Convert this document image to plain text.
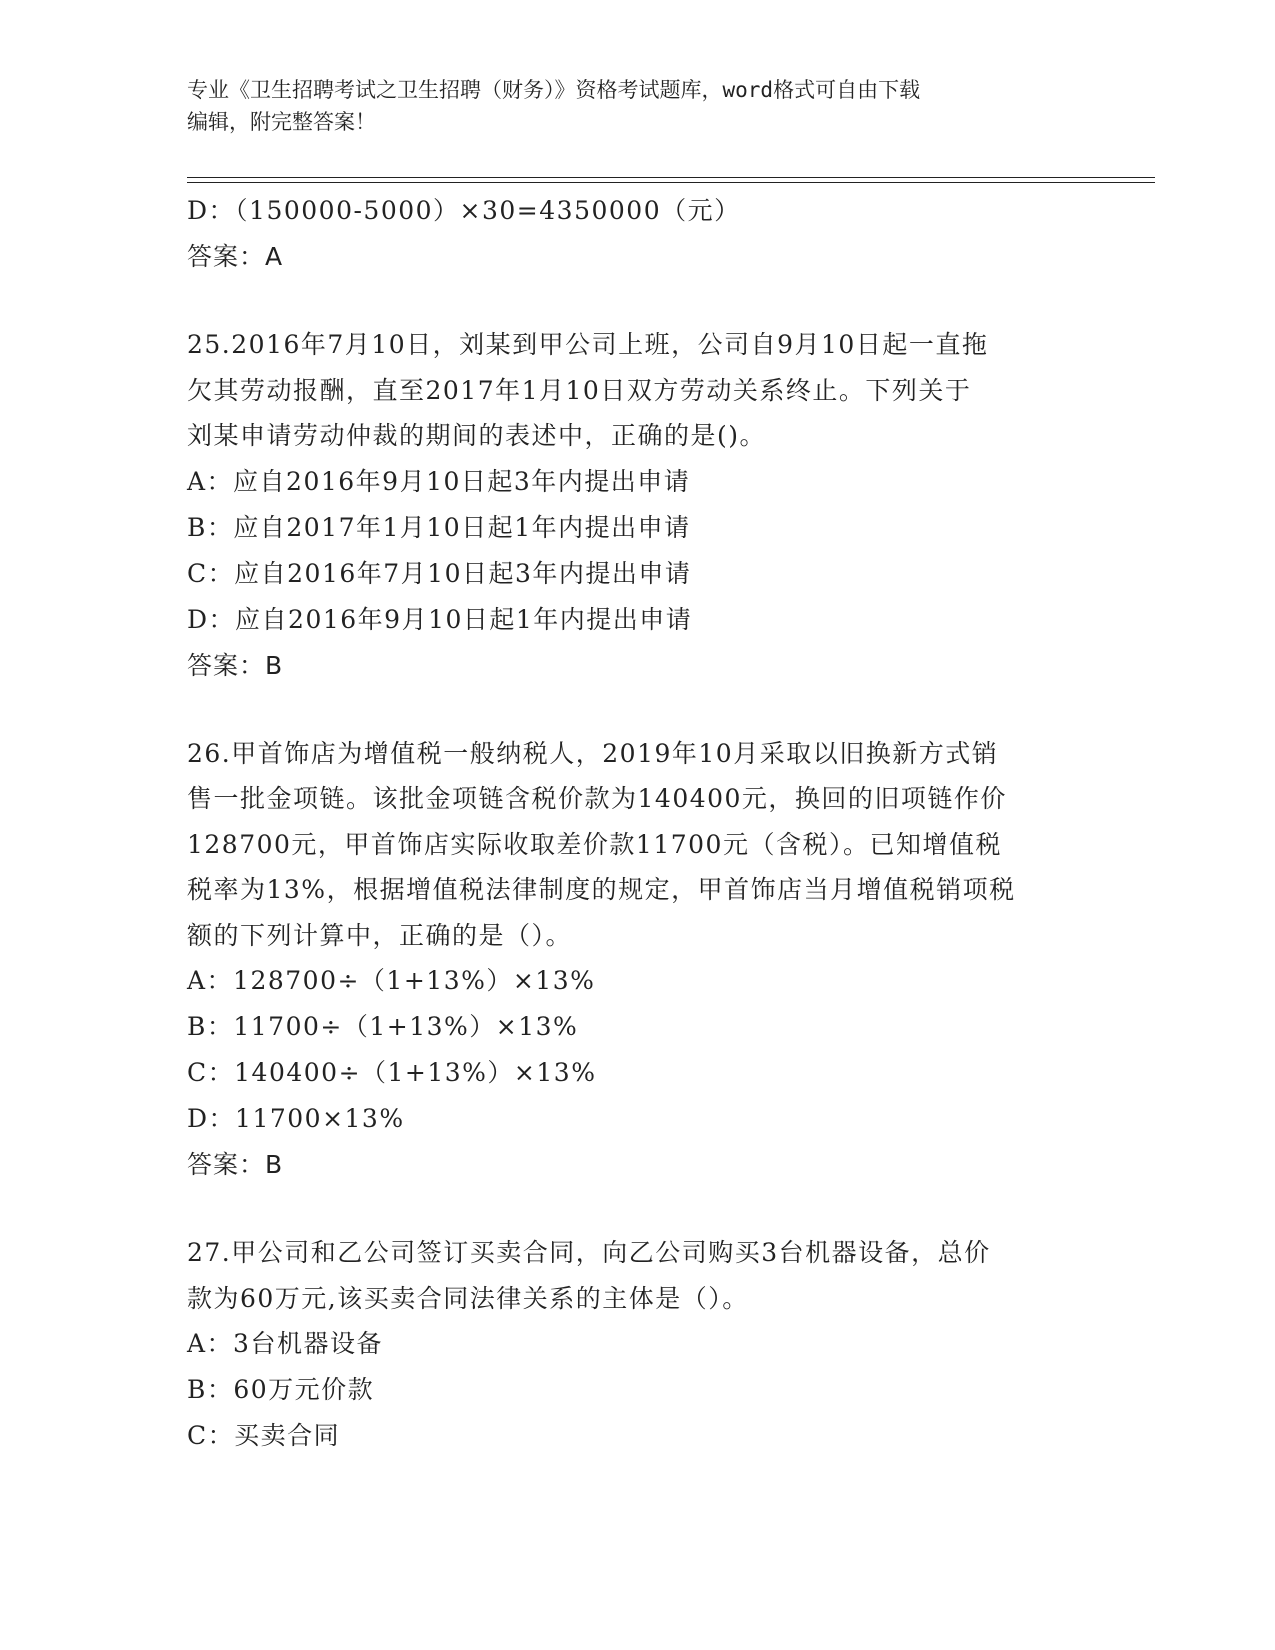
专业《卫生招聘考试之卫生招聘（财务）》资格考试题库，word格式可自由下载
编辑，附完整答案！
D：（150000-5000）×30=4350000（元）
答案：A
25.2016年7月10日，刘某到甲公司上班，公司自9月10日起一直拖
欠其劳动报酬，直至2017年1月10日双方劳动关系终止。下列关于
刘某申请劳动仲裁的期间的表述中，正确的是()。
A：应自2016年9月10日起3年内提出申请
B：应自2017年1月10日起1年内提出申请
C：应自2016年7月10日起3年内提出申请
D：应自2016年9月10日起1年内提出申请
答案：B
26.甲首饰店为增值税一般纳税人，2019年10月采取以旧换新方式销
售一批金项链。该批金项链含税价款为140400元，换回的旧项链作价
128700元，甲首饰店实际收取差价款11700元（含税）。已知增值税
税率为13%，根据增值税法律制度的规定，甲首饰店当月增值税销项税
额的下列计算中，正确的是（）。
A：128700÷（1+13%）×13%
B：11700÷（1+13%）×13%
C：140400÷（1+13%）×13%
D：11700×13%
答案：B
27.甲公司和乙公司签订买卖合同，向乙公司购买3台机器设备，总价
款为60万元,该买卖合同法律关系的主体是（）。
A：3台机器设备
B：60万元价款
C：买卖合同
